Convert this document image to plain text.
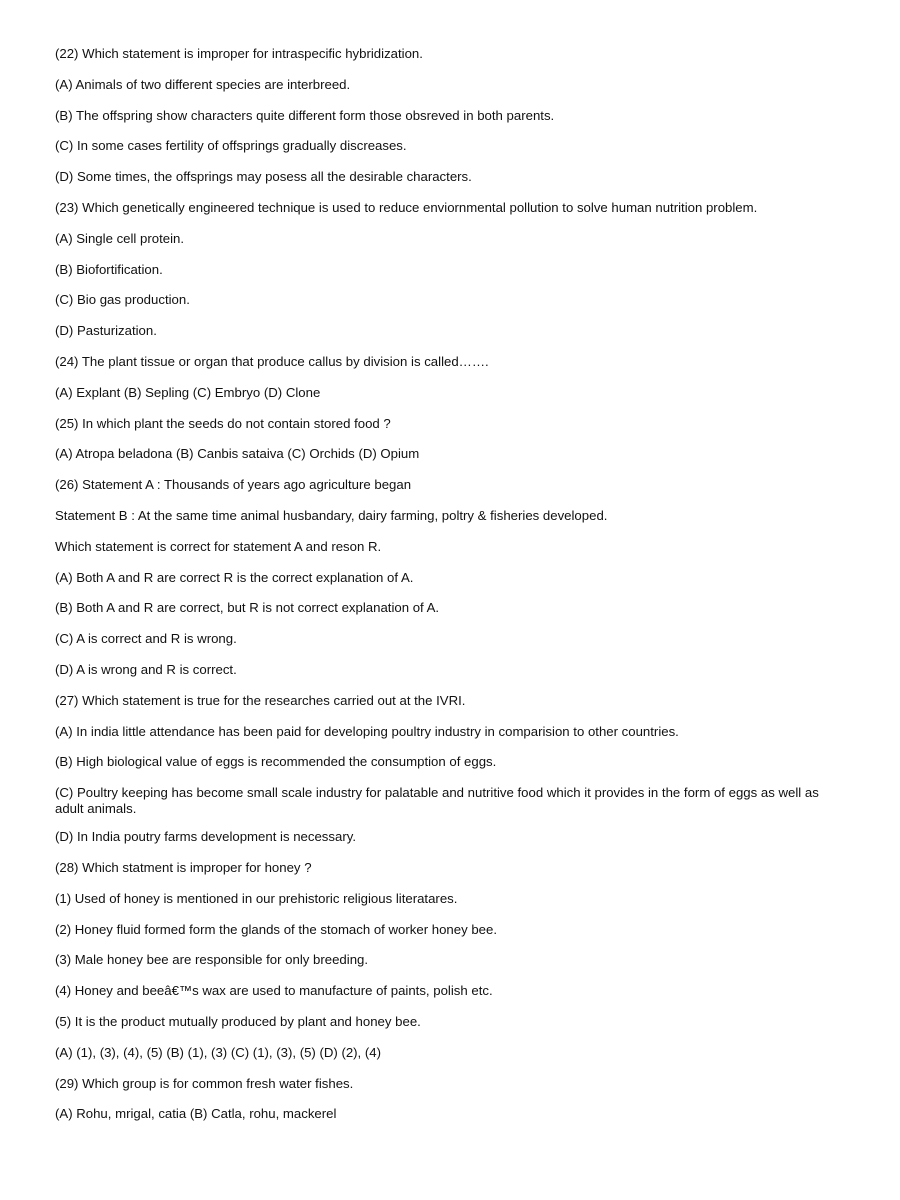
(22) Which statement is improper for intraspecific hybridization.
(A) Animals of two different species are interbreed.
(B) The offspring show characters quite different form those obsreved in both parents.
(C) In some cases fertility of offsprings gradually discreases.
(D) Some times, the offsprings may posess all the desirable characters.
(23) Which genetically engineered technique is used to reduce enviornmental pollution to solve human nutrition problem.
(A) Single cell protein.
(B) Biofortification.
(C) Bio gas production.
(D) Pasturization.
(24) The plant tissue or organ that produce callus by division is called…….
(A) Explant (B) Sepling (C) Embryo (D) Clone
(25) In which plant the seeds do not contain stored food ?
(A) Atropa beladona (B) Canbis sataiva (C) Orchids (D) Opium
(26) Statement A : Thousands of years ago agriculture began
Statement B : At the same time animal husbandary, dairy farming, poltry & fisheries developed.
Which statement is correct for statement A and reson R.
(A) Both A and R are correct R is the correct explanation of A.
(B) Both A and R are correct, but R is not correct explanation of A.
(C) A is correct and R is wrong.
(D) A is wrong and R is correct.
(27) Which statement is true for the researches carried out at the IVRI.
(A) In india little attendance has been paid for developing poultry industry in comparision to other countries.
(B) High biological value of eggs is recommended the consumption of eggs.
(C) Poultry keeping has become small scale industry for palatable and nutritive food which it provides in the form of eggs as well as adult animals.
(D) In India poutry farms development is necessary.
(28) Which statment is improper for honey ?
(1) Used of honey is mentioned in our prehistoric religious literatares.
(2) Honey fluid formed form the glands of the stomach of worker honey bee.
(3) Male honey bee are responsible for only breeding.
(4) Honey and beeâ€™s wax are used to manufacture of paints, polish etc.
(5) It is the product mutually produced by plant and honey bee.
(A) (1), (3), (4), (5) (B) (1), (3) (C) (1), (3), (5) (D) (2), (4)
(29) Which group is for common fresh water fishes.
(A) Rohu, mrigal, catia (B) Catla, rohu, mackerel
